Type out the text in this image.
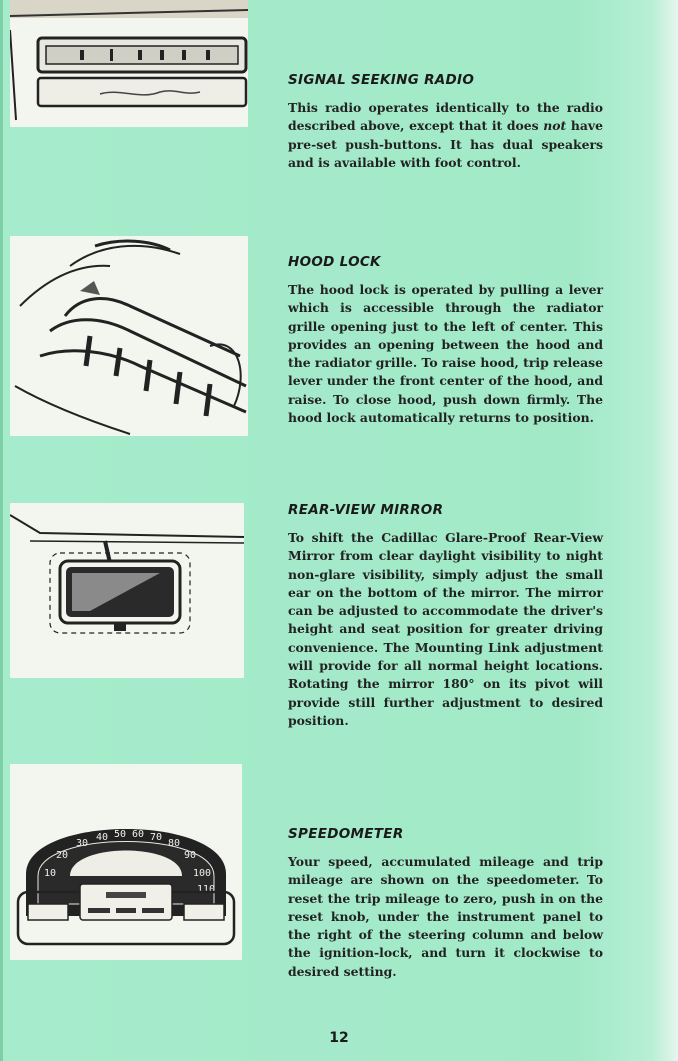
10
20
30
40 50 60 70
80
90
100
110
SIGNAL SEEKING RADIO

This radio operates identically to the radio described above, except that it does not have pre-set push-buttons. It has dual speakers and is available with foot control.

HOOD LOCK

The hood lock is operated by pulling a lever which is accessible through the radiator grille opening just to the left of center. This provides an opening between the hood and the radiator grille. To raise hood, trip release lever under the front center of the hood, and raise. To close hood, push down firmly. The hood lock automatically returns to position.

REAR-VIEW MIRROR

To shift the Cadillac Glare-Proof Rear-View Mirror from clear daylight visibility to night non-glare visibility, simply adjust the small ear on the bottom of the mirror. The mirror can be adjusted to accommodate the driver's height and seat position for greater driving convenience. The Mounting Link adjustment will provide for all normal height locations. Rotating the mirror 180° on its pivot will provide still further adjustment to desired position.

SPEEDOMETER

Your speed, accumulated mileage and trip mileage are shown on the speedometer. To reset the trip mileage to zero, push in on the reset knob, under the instrument panel to the right of the steering column and below the ignition-lock, and turn it clockwise to desired setting.

12
